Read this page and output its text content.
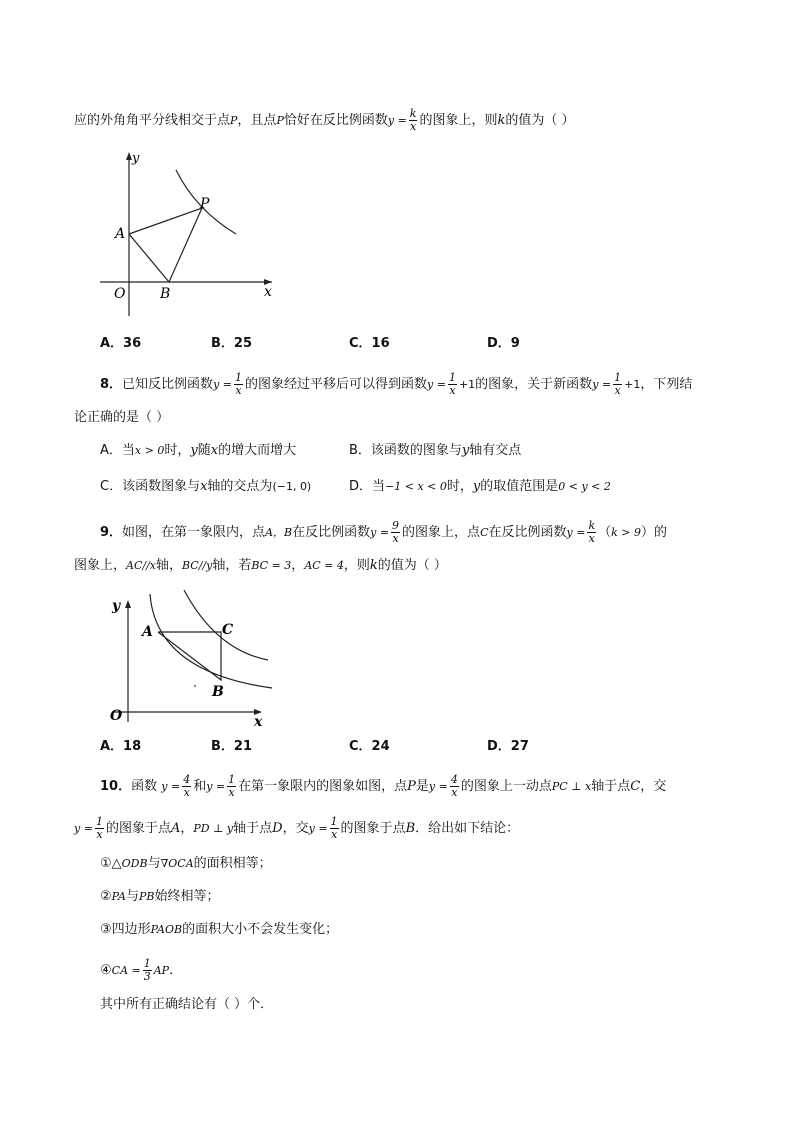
应的外角角平分线相交于点P，且点P恰好在反比例函数$y = \frac{k}{x}$ 的图象上，则k的值为（ ）
y
x
O
A
B
P
A．36	B．25	C．16	D．9
8．已知反比例函数$y = \frac{1}{x}$ 的图象经过平移后可以得到函数$y = \frac{1}{x} +1$的图象，关于新函数$y = \frac{1}{x} +1$，下列结
论正确的是（ ）
A．当x > 0时，y随x的增大而增大	B．该函数的图象与y轴有交点
C．该函数图象与x轴的交点为(−1, 0)	D．当−1 < x < 0时，y的取值范围是0 < y < 2
9．如图，在第一象限内，点A，B在反比例函数$y = \frac{9}{x}$ 的图象上，点C在反比例函数$y = \frac{k}{x} (k > 9)$的
图象上，AC//x轴，BC//y轴，若BC = 3，AC = 4，则k的值为（ ）
y
x
O
A
B
C
A．18	B．21	C．24	D．27
10．函数 $y = \frac{4}{x}$ 和$y = \frac{1}{x}$ 在第一象限内的图象如图，点P是$y = \frac{4}{x}$ 的图象上一动点PC ⊥ x轴于点C，交
$y = \frac{1}{x}$ 的图象于点A，PD ⊥ y轴于点D，交$y = \frac{1}{x}$ 的图象于点B．给出如下结论：
①△ODB与∇OCA的面积相等；
②PA与PB始终相等；
③四边形PAOB的面积大小不会发生变化；
④CA = $\frac{1}{3}$ AP．
其中所有正确结论有（ ）个．
